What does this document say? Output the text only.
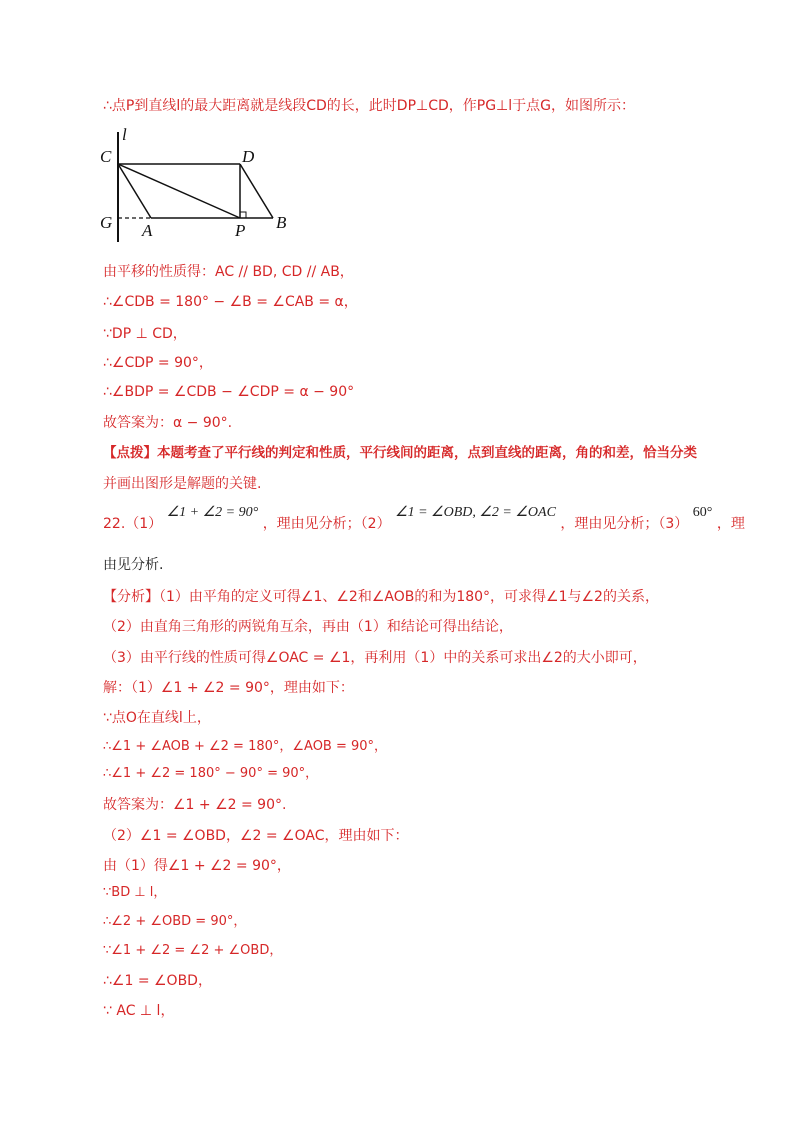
∴点P到直线l的最大距离就是线段CD的长，此时DP⊥CD，作PG⊥l于点G，如图所示：
l
C	D
G A	P B
由平移的性质得：AC // BD, CD // AB，
∴∠CDB = 180° − ∠B = ∠CAB = α，
∵DP ⊥ CD，
∴∠CDP = 90°，
∴∠BDP = ∠CDB − ∠CDP = α − 90°
故答案为：α − 90°.
【点拨】本题考查了平行线的判定和性质，平行线间的距离，点到直线的距离，角的和差，恰当分类
并画出图形是解题的关键.
22.（1） ∠1 + ∠2 = 90° ，理由见分析；（2） ∠1 = ∠OBD, ∠2 = ∠OAC ，理由见分析；（3） 60° ，理
由见分析.
【分析】（1）由平角的定义可得∠1、∠2和∠AOB的和为180°，可求得∠1与∠2的关系，
（2）由直角三角形的两锐角互余，再由（1）和结论可得出结论，
（3）由平行线的性质可得∠OAC = ∠1，再利用（1）中的关系可求出∠2的大小即可，
解：（1）∠1 + ∠2 = 90°，理由如下：
∵点O在直线l上，
∴∠1 + ∠AOB + ∠2 = 180°，∠AOB = 90°，
∴∠1 + ∠2 = 180° − 90° = 90°，
故答案为：∠1 + ∠2 = 90°.
（2）∠1 = ∠OBD，∠2 = ∠OAC，理由如下：
由（1）得∠1 + ∠2 = 90°，
∵BD ⊥ l，
∴∠2 + ∠OBD = 90°，
∵∠1 + ∠2 = ∠2 + ∠OBD，
∴∠1 = ∠OBD，
∵ AC ⊥ l，
